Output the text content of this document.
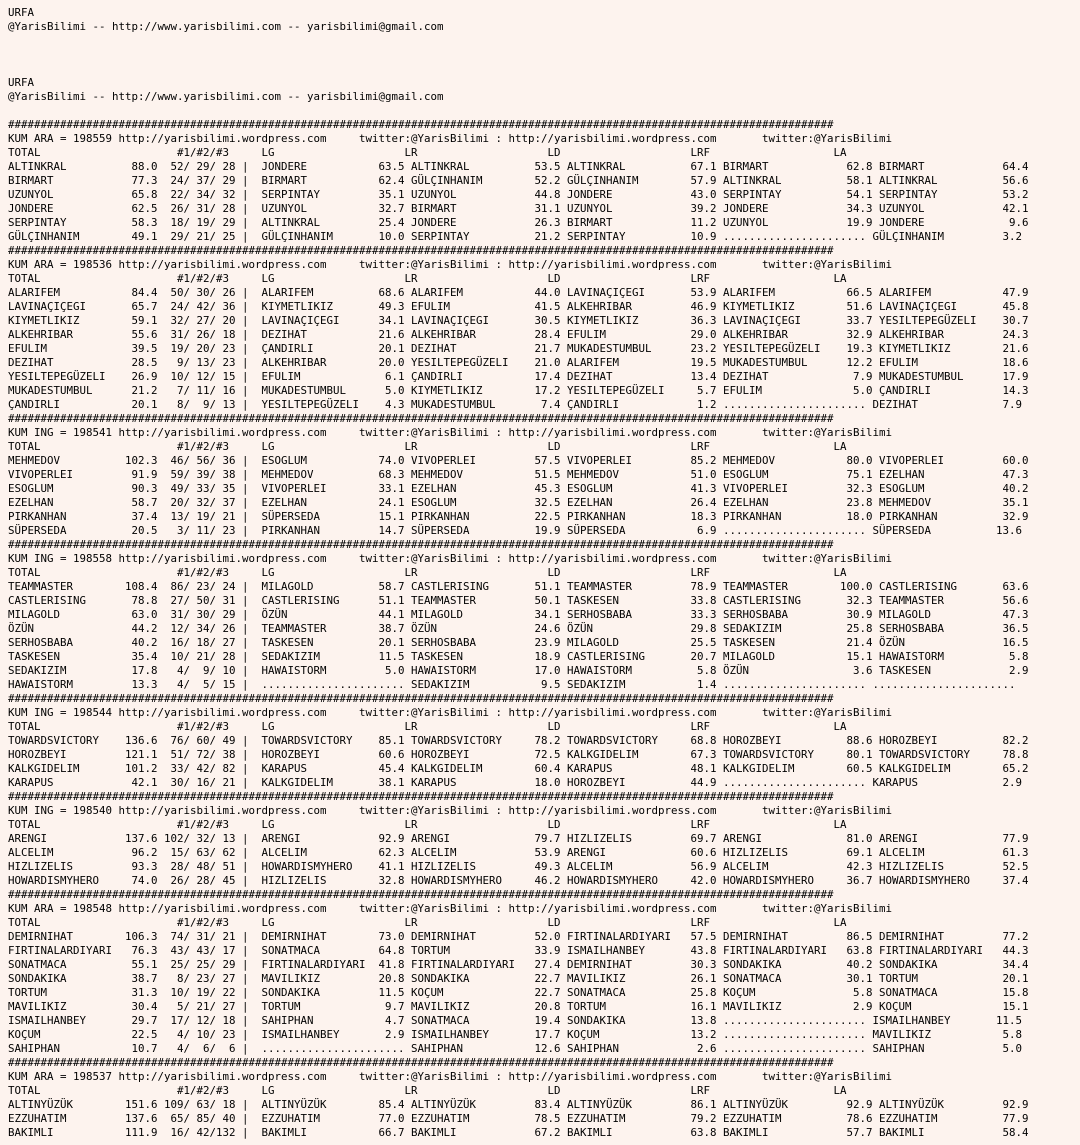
URFA
@YarisBilimi -- http://www.yarisbilimi.com -- yarisbilimi@gmail.com
URFA
@YarisBilimi -- http://www.yarisbilimi.com -- yarisbilimi@gmail.com
###############################################################################################################################
KUM ARA = 198559 http://yarisbilimi.wordpress.com     twitter:@YarisBilimi : http://yarisbilimi.wordpress.com       twitter:@YarisBilimi
TOTAL                     #1/#2/#3     LG                    LR                    LD                    LRF                   LA
ALTINKRAL          88.0  52/ 29/ 28 |  JONDERE           63.5 ALTINKRAL          53.5 ALTINKRAL          67.1 BIRMART            62.8 BIRMART            64.4
BIRMART            77.3  24/ 37/ 29 |  BIRMART           62.4 GÜLÇINHANIM        52.2 GÜLÇINHANIM        57.9 ALTINKRAL          58.1 ALTINKRAL          56.6
UZUNYOL            65.8  22/ 34/ 32 |  SERPINTAY         35.1 UZUNYOL            44.8 JONDERE            43.0 SERPINTAY          54.1 SERPINTAY          53.2
JONDERE            62.5  26/ 31/ 28 |  UZUNYOL           32.7 BIRMART            31.1 UZUNYOL            39.2 JONDERE            34.3 UZUNYOL            42.1
SERPINTAY          58.3  18/ 19/ 29 |  ALTINKRAL         25.4 JONDERE            26.3 BIRMART            11.2 UZUNYOL            19.9 JONDERE             9.6
GÜLÇINHANIM        49.1  29/ 21/ 25 |  GÜLÇINHANIM       10.0 SERPINTAY          21.2 SERPINTAY          10.9 ...................... GÜLÇINHANIM         3.2
###############################################################################################################################
KUM ARA = 198536 http://yarisbilimi.wordpress.com     twitter:@YarisBilimi : http://yarisbilimi.wordpress.com       twitter:@YarisBilimi
TOTAL                     #1/#2/#3     LG                    LR                    LD                    LRF                   LA
ALARIFEM           84.4  50/ 30/ 26 |  ALARIFEM          68.6 ALARIFEM           44.0 LAVINAÇIÇEGI       53.9 ALARIFEM           66.5 ALARIFEM           47.9
LAVINAÇIÇEGI       65.7  24/ 42/ 36 |  KIYMETLIKIZ       49.3 EFULIM             41.5 ALKEHRIBAR         46.9 KIYMETLIKIZ        51.6 LAVINAÇIÇEGI       45.8
KIYMETLIKIZ        59.1  32/ 27/ 20 |  LAVINAÇIÇEGI      34.1 LAVINAÇIÇEGI       30.5 KIYMETLIKIZ        36.3 LAVINAÇIÇEGI       33.7 YESILTEPEGÜZELI    30.7
ALKEHRIBAR         55.6  31/ 26/ 18 |  DEZIHAT           21.6 ALKEHRIBAR         28.4 EFULIM             29.0 ALKEHRIBAR         32.9 ALKEHRIBAR         24.3
EFULIM             39.5  19/ 20/ 23 |  ÇANDIRLI          20.1 DEZIHAT            21.7 MUKADESTUMBUL      23.2 YESILTEPEGÜZELI    19.3 KIYMETLIKIZ        21.6
DEZIHAT            28.5   9/ 13/ 23 |  ALKEHRIBAR        20.0 YESILTEPEGÜZELI    21.0 ALARIFEM           19.5 MUKADESTUMBUL      12.2 EFULIM             18.6
YESILTEPEGÜZELI    26.9  10/ 12/ 15 |  EFULIM             6.1 ÇANDIRLI           17.4 DEZIHAT            13.4 DEZIHAT             7.9 MUKADESTUMBUL      17.9
MUKADESTUMBUL      21.2   7/ 11/ 16 |  MUKADESTUMBUL      5.0 KIYMETLIKIZ        17.2 YESILTEPEGÜZELI     5.7 EFULIM              5.0 ÇANDIRLI           14.3
ÇANDIRLI           20.1   8/  9/ 13 |  YESILTEPEGÜZELI    4.3 MUKADESTUMBUL       7.4 ÇANDIRLI            1.2 ...................... DEZIHAT             7.9
###############################################################################################################################
KUM ING = 198541 http://yarisbilimi.wordpress.com     twitter:@YarisBilimi : http://yarisbilimi.wordpress.com       twitter:@YarisBilimi
TOTAL                     #1/#2/#3     LG                    LR                    LD                    LRF                   LA
MEHMEDOV          102.3  46/ 56/ 36 |  ESOGLUM           74.0 VIVOPERLEI         57.5 VIVOPERLEI         85.2 MEHMEDOV           80.0 VIVOPERLEI         60.0
VIVOPERLEI         91.9  59/ 39/ 38 |  MEHMEDOV          68.3 MEHMEDOV           51.5 MEHMEDOV           51.0 ESOGLUM            75.1 EZELHAN            47.3
ESOGLUM            90.3  49/ 33/ 35 |  VIVOPERLEI        33.1 EZELHAN            45.3 ESOGLUM            41.3 VIVOPERLEI         32.3 ESOGLUM            40.2
EZELHAN            58.7  20/ 32/ 37 |  EZELHAN           24.1 ESOGLUM            32.5 EZELHAN            26.4 EZELHAN            23.8 MEHMEDOV           35.1
PIRKANHAN          37.4  13/ 19/ 21 |  SÜPERSEDA         15.1 PIRKANHAN          22.5 PIRKANHAN          18.3 PIRKANHAN          18.0 PIRKANHAN          32.9
SÜPERSEDA          20.5   3/ 11/ 23 |  PIRKANHAN         14.7 SÜPERSEDA          19.9 SÜPERSEDA           6.9 ...................... SÜPERSEDA          13.6
###############################################################################################################################
KUM ING = 198558 http://yarisbilimi.wordpress.com     twitter:@YarisBilimi : http://yarisbilimi.wordpress.com       twitter:@YarisBilimi
TOTAL                     #1/#2/#3     LG                    LR                    LD                    LRF                   LA
TEAMMASTER        108.4  86/ 23/ 24 |  MILAGOLD          58.7 CASTLERISING       51.1 TEAMMASTER         78.9 TEAMMASTER        100.0 CASTLERISING       63.6
CASTLERISING       78.8  27/ 50/ 31 |  CASTLERISING      51.1 TEAMMASTER         50.1 TASKESEN           33.8 CASTLERISING       32.3 TEAMMASTER         56.6
MILAGOLD           63.0  31/ 30/ 29 |  ÖZÜN              44.1 MILAGOLD           34.1 SERHOSBABA         33.3 SERHOSBABA         30.9 MILAGOLD           47.3
ÖZÜN               44.2  12/ 34/ 26 |  TEAMMASTER        38.7 ÖZÜN               24.6 ÖZÜN               29.8 SEDAKIZIM          25.8 SERHOSBABA         36.5
SERHOSBABA         40.2  16/ 18/ 27 |  TASKESEN          20.1 SERHOSBABA         23.9 MILAGOLD           25.5 TASKESEN           21.4 ÖZÜN               16.5
TASKESEN           35.4  10/ 21/ 28 |  SEDAKIZIM         11.5 TASKESEN           18.9 CASTLERISING       20.7 MILAGOLD           15.1 HAWAISTORM          5.8
SEDAKIZIM          17.8   4/  9/ 10 |  HAWAISTORM         5.0 HAWAISTORM         17.0 HAWAISTORM          5.8 ÖZÜN                3.6 TASKESEN            2.9
HAWAISTORM         13.3   4/  5/ 15 |  ...................... SEDAKIZIM           9.5 SEDAKIZIM           1.4 ...................... ......................
###############################################################################################################################
KUM ING = 198544 http://yarisbilimi.wordpress.com     twitter:@YarisBilimi : http://yarisbilimi.wordpress.com       twitter:@YarisBilimi
TOTAL                     #1/#2/#3     LG                    LR                    LD                    LRF                   LA
TOWARDSVICTORY    136.6  76/ 60/ 49 |  TOWARDSVICTORY    85.1 TOWARDSVICTORY     78.2 TOWARDSVICTORY     68.8 HOROZBEYI          88.6 HOROZBEYI          82.2
HOROZBEYI         121.1  51/ 72/ 38 |  HOROZBEYI         60.6 HOROZBEYI          72.5 KALKGIDELIM        67.3 TOWARDSVICTORY     80.1 TOWARDSVICTORY     78.8
KALKGIDELIM       101.2  33/ 42/ 82 |  KARAPUS           45.4 KALKGIDELIM        60.4 KARAPUS            48.1 KALKGIDELIM        60.5 KALKGIDELIM        65.2
KARAPUS            42.1  30/ 16/ 21 |  KALKGIDELIM       38.1 KARAPUS            18.0 HOROZBEYI          44.9 ...................... KARAPUS             2.9
###############################################################################################################################
KUM ING = 198540 http://yarisbilimi.wordpress.com     twitter:@YarisBilimi : http://yarisbilimi.wordpress.com       twitter:@YarisBilimi
TOTAL                     #1/#2/#3     LG                    LR                    LD                    LRF                   LA
ARENGI            137.6 102/ 32/ 13 |  ARENGI            92.9 ARENGI             79.7 HIZLIZELIS         69.7 ARENGI             81.0 ARENGI             77.9
ALCELIM            96.2  15/ 63/ 62 |  ALCELIM           62.3 ALCELIM            53.9 ARENGI             60.6 HIZLIZELIS         69.1 ALCELIM            61.3
HIZLIZELIS         93.3  28/ 48/ 51 |  HOWARDISMYHERO    41.1 HIZLIZELIS         49.3 ALCELIM            56.9 ALCELIM            42.3 HIZLIZELIS         52.5
HOWARDISMYHERO     74.0  26/ 28/ 45 |  HIZLIZELIS        32.8 HOWARDISMYHERO     46.2 HOWARDISMYHERO     42.0 HOWARDISMYHERO     36.7 HOWARDISMYHERO     37.4
###############################################################################################################################
KUM ARA = 198548 http://yarisbilimi.wordpress.com     twitter:@YarisBilimi : http://yarisbilimi.wordpress.com       twitter:@YarisBilimi
TOTAL                     #1/#2/#3     LG                    LR                    LD                    LRF                   LA
DEMIRNIHAT        106.3  74/ 31/ 21 |  DEMIRNIHAT        73.0 DEMIRNIHAT         52.0 FIRTINALARDIYARI   57.5 DEMIRNIHAT         86.5 DEMIRNIHAT         77.2
FIRTINALARDIYARI   76.3  43/ 43/ 17 |  SONATMACA         64.8 TORTUM             33.9 ISMAILHANBEY       43.8 FIRTINALARDIYARI   63.8 FIRTINALARDIYARI   44.3
SONATMACA          55.1  25/ 25/ 29 |  FIRTINALARDIYARI  41.8 FIRTINALARDIYARI   27.4 DEMIRNIHAT         30.3 SONDAKIKA          40.2 SONDAKIKA          34.4
SONDAKIKA          38.7   8/ 23/ 27 |  MAVILIKIZ         20.8 SONDAKIKA          22.7 MAVILIKIZ          26.1 SONATMACA          30.1 TORTUM             20.1
TORTUM             31.3  10/ 19/ 22 |  SONDAKIKA         11.5 KOÇUM              22.7 SONATMACA          25.8 KOÇUM               5.8 SONATMACA          15.8
MAVILIKIZ          30.4   5/ 21/ 27 |  TORTUM             9.7 MAVILIKIZ          20.8 TORTUM             16.1 MAVILIKIZ           2.9 KOÇUM              15.1
ISMAILHANBEY       29.7  17/ 12/ 18 |  SAHIPHAN           4.7 SONATMACA          19.4 SONDAKIKA          13.8 ...................... ISMAILHANBEY       11.5
KOÇUM              22.5   4/ 10/ 23 |  ISMAILHANBEY       2.9 ISMAILHANBEY       17.7 KOÇUM              13.2 ...................... MAVILIKIZ           5.8
SAHIPHAN           10.7   4/  6/  6 |  ...................... SAHIPHAN           12.6 SAHIPHAN            2.6 ...................... SAHIPHAN            5.0
###############################################################################################################################
KUM ARA = 198537 http://yarisbilimi.wordpress.com     twitter:@YarisBilimi : http://yarisbilimi.wordpress.com       twitter:@YarisBilimi
TOTAL                     #1/#2/#3     LG                    LR                    LD                    LRF                   LA
ALTINYÜZÜK        151.6 109/ 63/ 18 |  ALTINYÜZÜK        85.4 ALTINYÜZÜK         83.4 ALTINYÜZÜK         86.1 ALTINYÜZÜK         92.9 ALTINYÜZÜK         92.9
EZZUHATIM         137.6  65/ 85/ 40 |  EZZUHATIM         77.0 EZZUHATIM          78.5 EZZUHATIM          79.2 EZZUHATIM          78.6 EZZUHATIM          77.9
BAKIMLI           111.9  16/ 42/132 |  BAKIMLI           66.7 BAKIMLI            67.2 BAKIMLI            63.8 BAKIMLI            57.7 BAKIMLI            58.4
